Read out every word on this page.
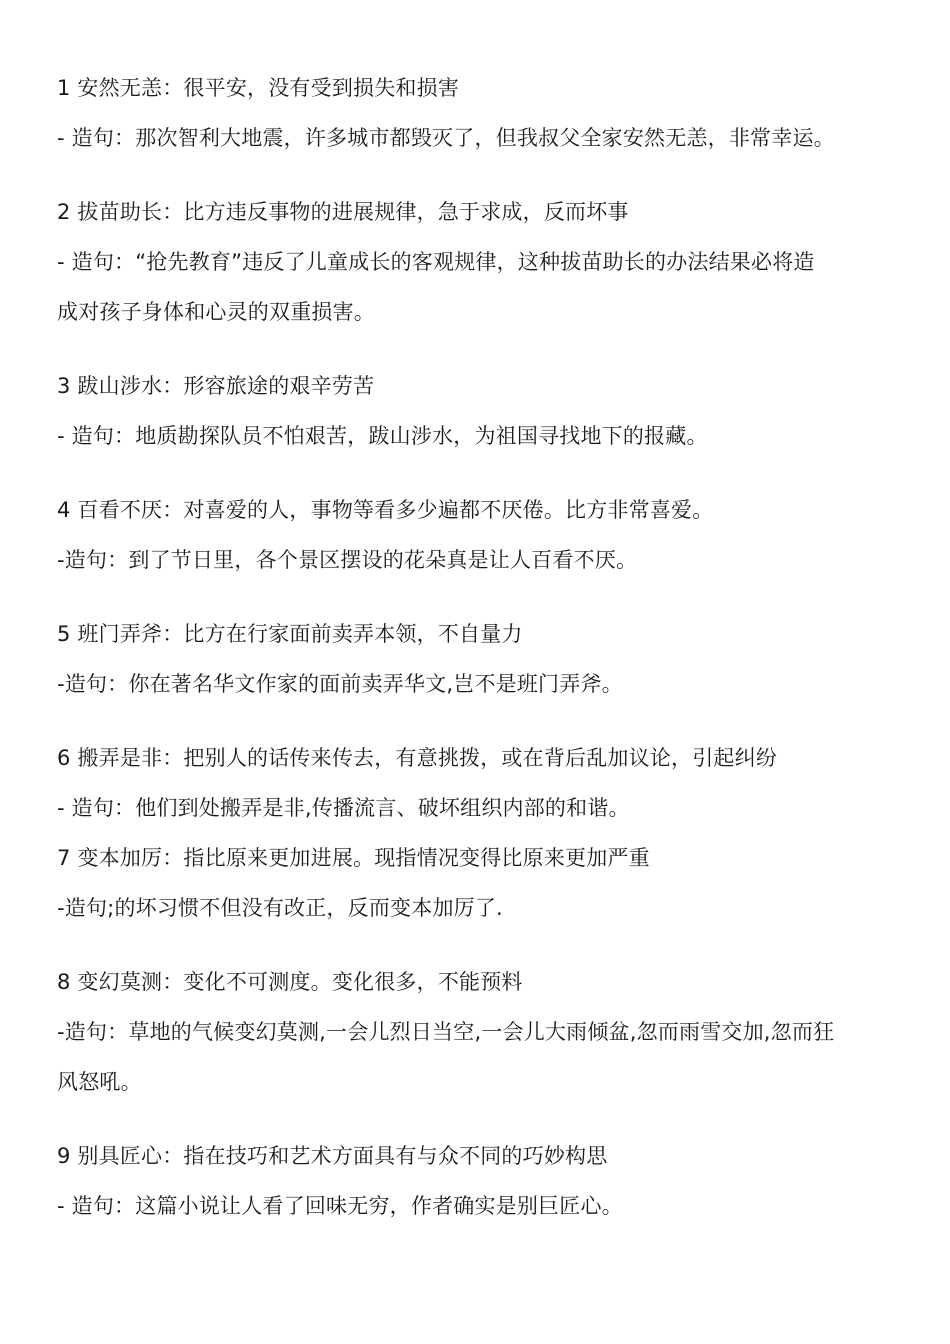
1 安然无恙：很平安，没有受到损失和损害
- 造句：那次智利大地震，许多城市都毁灭了，但我叔父全家安然无恙，非常幸运。
2 拔苗助长：比方违反事物的进展规律，急于求成，反而坏事
- 造句：“抢先教育”违反了儿童成长的客观规律，这种拔苗助长的办法结果必将造
成对孩子身体和心灵的双重损害。
3 跋山涉水：形容旅途的艰辛劳苦
- 造句：地质勘探队员不怕艰苦，跋山涉水，为祖国寻找地下的报藏。
4 百看不厌：对喜爱的人，事物等看多少遍都不厌倦。比方非常喜爱。
-造句：到了节日里，各个景区摆设的花朵真是让人百看不厌。
5 班门弄斧：比方在行家面前卖弄本领，不自量力
-造句：你在著名华文作家的面前卖弄华文,岂不是班门弄斧。
6 搬弄是非：把别人的话传来传去，有意挑拨，或在背后乱加议论，引起纠纷
- 造句：他们到处搬弄是非,传播流言、破坏组织内部的和谐。
7 变本加厉：指比原来更加进展。现指情况变得比原来更加严重
-造句;的坏习惯不但没有改正，反而变本加厉了.
8 变幻莫测：变化不可测度。变化很多，不能预料
-造句：草地的气候变幻莫测,一会儿烈日当空,一会儿大雨倾盆,忽而雨雪交加,忽而狂
风怒吼。
9 别具匠心：指在技巧和艺术方面具有与众不同的巧妙构思
- 造句：这篇小说让人看了回味无穷，作者确实是别巨匠心。
